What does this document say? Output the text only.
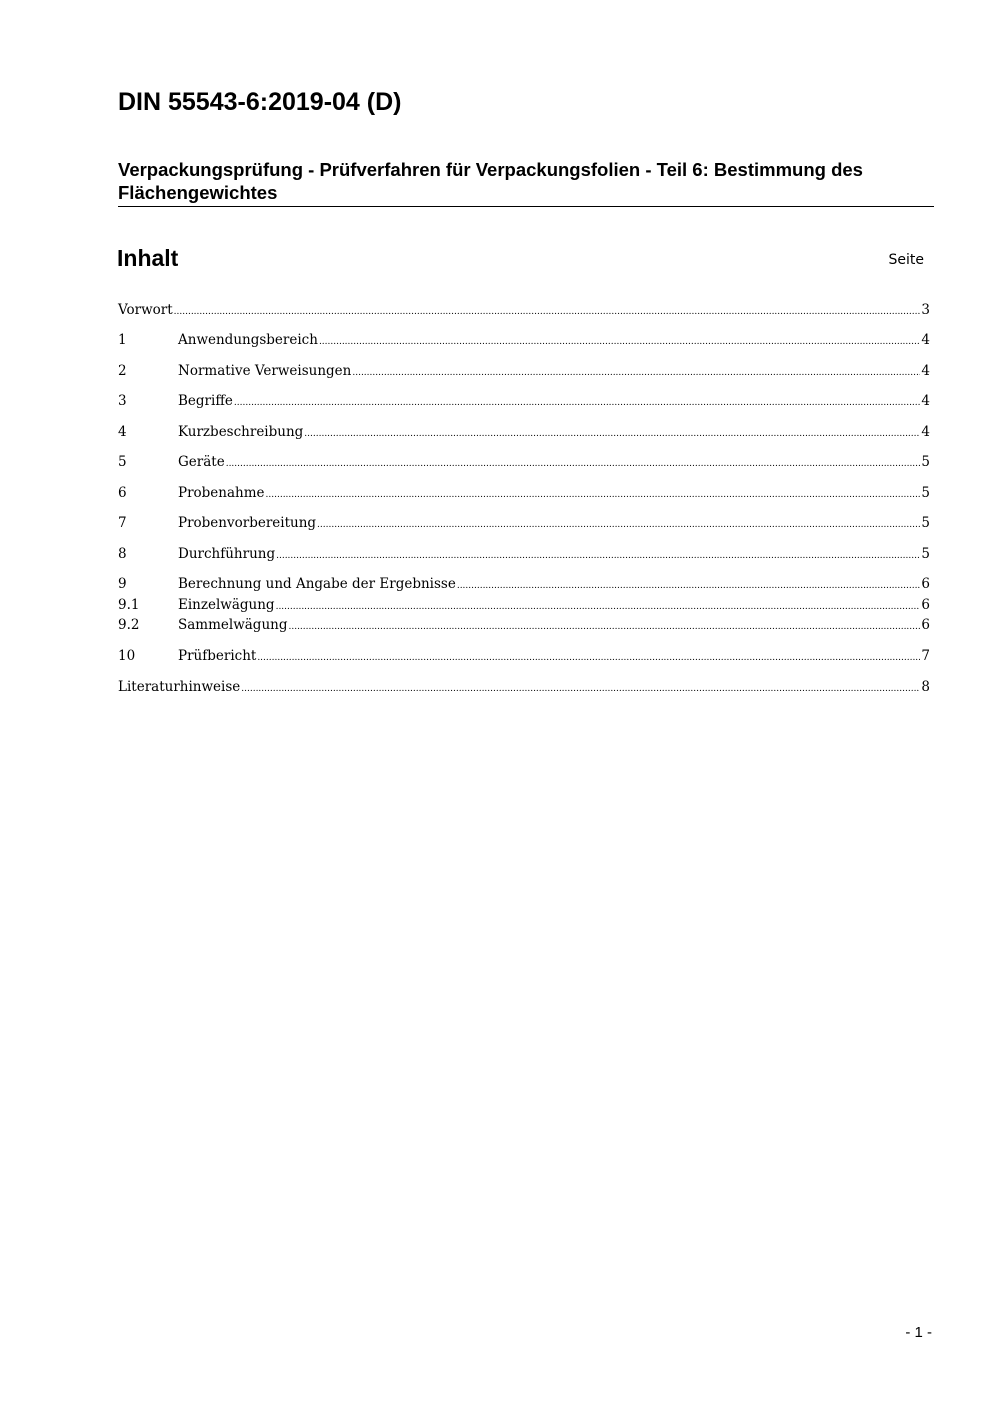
DIN 55543-6:2019-04 (D)
Verpackungsprüfung - Prüfverfahren für Verpackungsfolien - Teil 6: Bestimmung des Flächengewichtes
Inhalt	Seite
Vorwort .....	3
1	Anwendungsbereich .....	4
2	Normative Verweisungen .....	4
3	Begriffe .....	4
4	Kurzbeschreibung .....	4
5	Geräte .....	5
6	Probenahme .....	5
7	Probenvorbereitung .....	5
8	Durchführung .....	5
9	Berechnung und Angabe der Ergebnisse .....	6
9.1	Einzelwägung .....	6
9.2	Sammelwägung .....	6
10	Prüfbericht .....	7
Literaturhinweise .....	8
- 1 -
